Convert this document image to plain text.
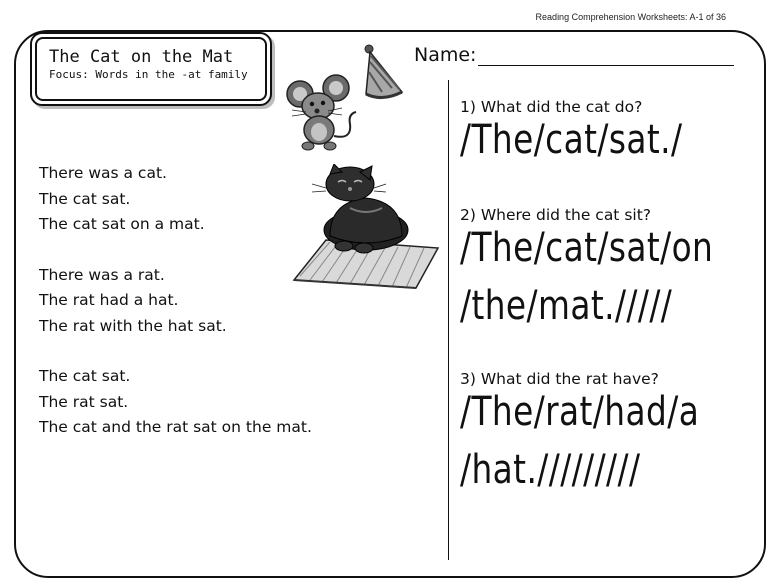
Reading Comprehension Worksheets: A-1 of 36
The Cat on the Mat
Focus: Words in the -at family
There was a cat.
The cat sat.
The cat sat on a mat.
There was a rat.
The rat had a hat.
The rat with the hat sat.
The cat sat.
The rat sat.
The cat and the rat sat on the mat.
Name:
1) What did the cat do?
/The/cat/sat./
2) Where did the cat sit?
/The/cat/sat/on
/the/mat./////
3) What did the rat have?
/The/rat/had/a
/hat./////////
